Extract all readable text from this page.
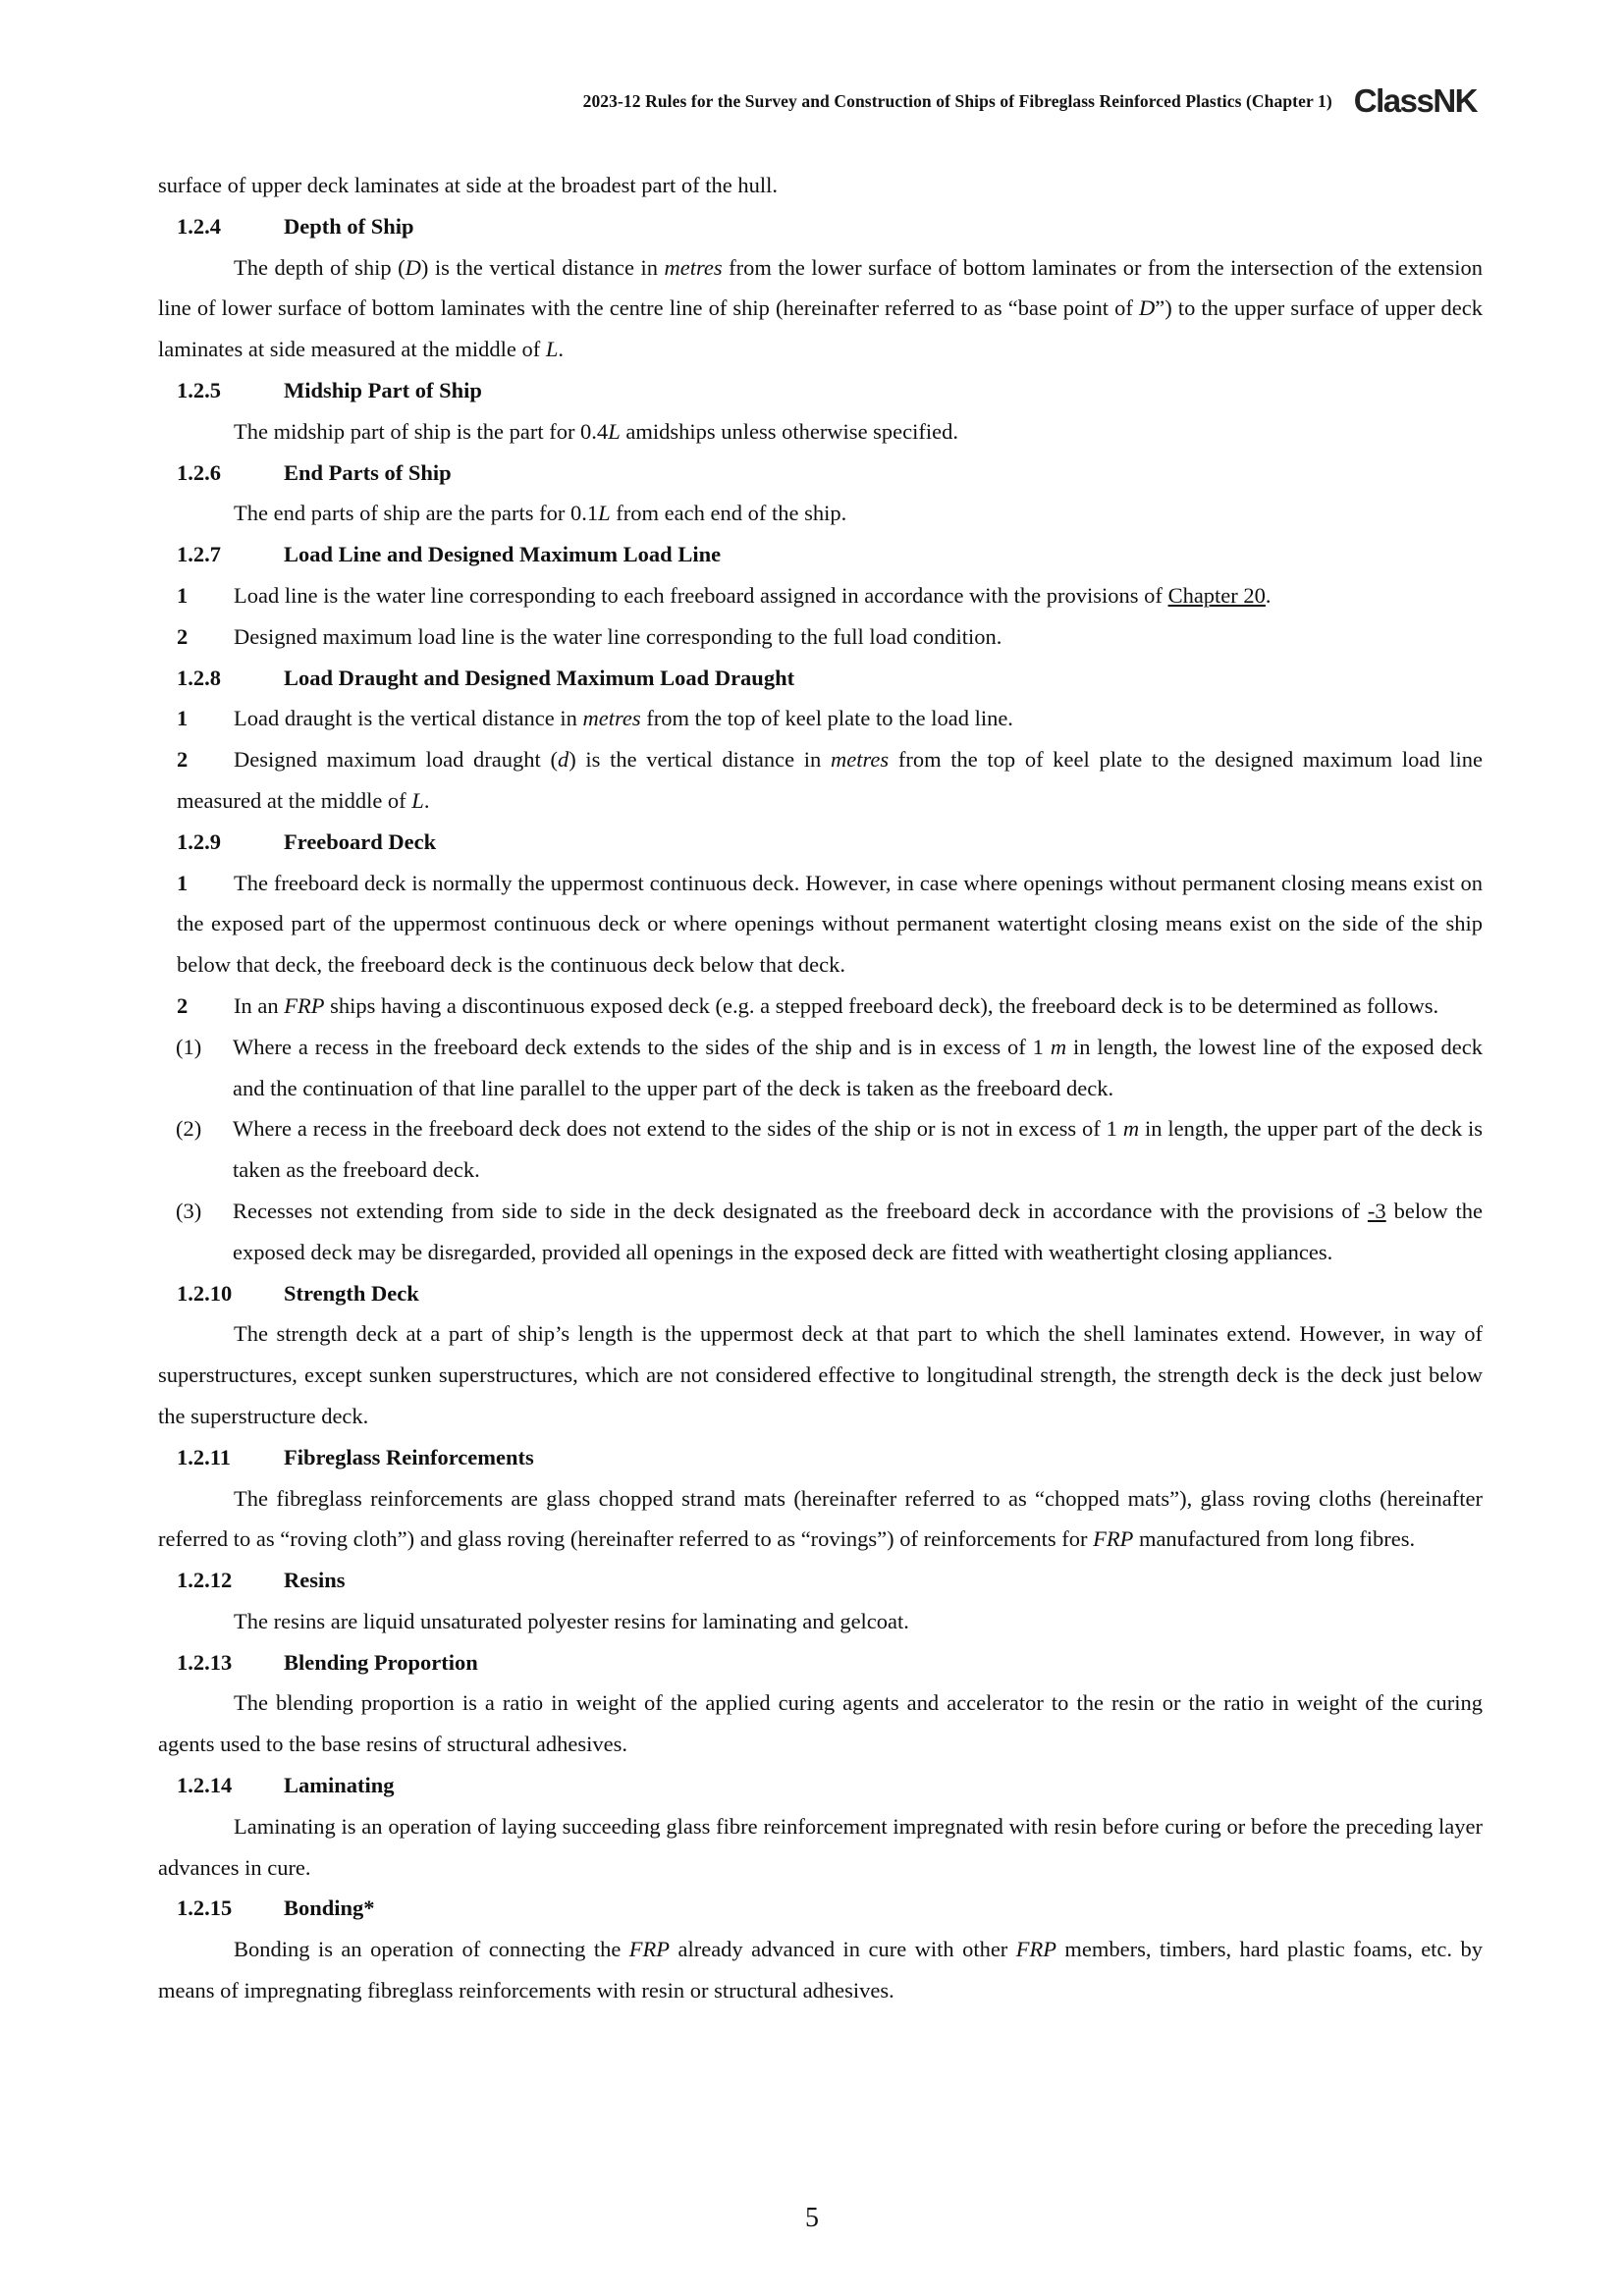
2023-12 Rules for the Survey and Construction of Ships of Fibreglass Reinforced Plastics (Chapter 1) ClassNK

surface of upper deck laminates at side at the broadest part of the hull.

1.2.4	Depth of Ship

The depth of ship (D) is the vertical distance in metres from the lower surface of bottom laminates or from the intersection of the extension line of lower surface of bottom laminates with the centre line of ship (hereinafter referred to as “base point of D”) to the upper surface of upper deck laminates at side measured at the middle of L.

1.2.5	Midship Part of Ship

The midship part of ship is the part for 0.4L amidships unless otherwise specified.

1.2.6	End Parts of Ship

The end parts of ship are the parts for 0.1L from each end of the ship.

1.2.7	Load Line and Designed Maximum Load Line

1 Load line is the water line corresponding to each freeboard assigned in accordance with the provisions of Chapter 20.

2 Designed maximum load line is the water line corresponding to the full load condition.

1.2.8	Load Draught and Designed Maximum Load Draught

1 Load draught is the vertical distance in metres from the top of keel plate to the load line.

2 Designed maximum load draught (d) is the vertical distance in metres from the top of keel plate to the designed maximum load line measured at the middle of L.

1.2.9	Freeboard Deck

1 The freeboard deck is normally the uppermost continuous deck. However, in case where openings without permanent closing means exist on the exposed part of the uppermost continuous deck or where openings without permanent watertight closing means exist on the side of the ship below that deck, the freeboard deck is the continuous deck below that deck.

2 In an FRP ships having a discontinuous exposed deck (e.g. a stepped freeboard deck), the freeboard deck is to be determined as follows.

(1)	Where a recess in the freeboard deck extends to the sides of the ship and is in excess of 1 m in length, the lowest line of the exposed deck and the continuation of that line parallel to the upper part of the deck is taken as the freeboard deck.
(2)	Where a recess in the freeboard deck does not extend to the sides of the ship or is not in excess of 1 m in length, the upper part of the deck is taken as the freeboard deck.
(3)	Recesses not extending from side to side in the deck designated as the freeboard deck in accordance with the provisions of -3 below the exposed deck may be disregarded, provided all openings in the exposed deck are fitted with weathertight closing appliances.
1.2.10	Strength Deck

The strength deck at a part of ship’s length is the uppermost deck at that part to which the shell laminates extend. However, in way of superstructures, except sunken superstructures, which are not considered effective to longitudinal strength, the strength deck is the deck just below the superstructure deck.

1.2.11	Fibreglass Reinforcements

The fibreglass reinforcements are glass chopped strand mats (hereinafter referred to as “chopped mats”), glass roving cloths (hereinafter referred to as “roving cloth”) and glass roving (hereinafter referred to as “rovings”) of reinforcements for FRP manufactured from long fibres.

1.2.12	Resins

The resins are liquid unsaturated polyester resins for laminating and gelcoat.

1.2.13	Blending Proportion

The blending proportion is a ratio in weight of the applied curing agents and accelerator to the resin or the ratio in weight of the curing agents used to the base resins of structural adhesives.

1.2.14	Laminating

Laminating is an operation of laying succeeding glass fibre reinforcement impregnated with resin before curing or before the preceding layer advances in cure.

1.2.15	Bonding*

Bonding is an operation of connecting the FRP already advanced in cure with other FRP members, timbers, hard plastic foams, etc. by means of impregnating fibreglass reinforcements with resin or structural adhesives.

5
